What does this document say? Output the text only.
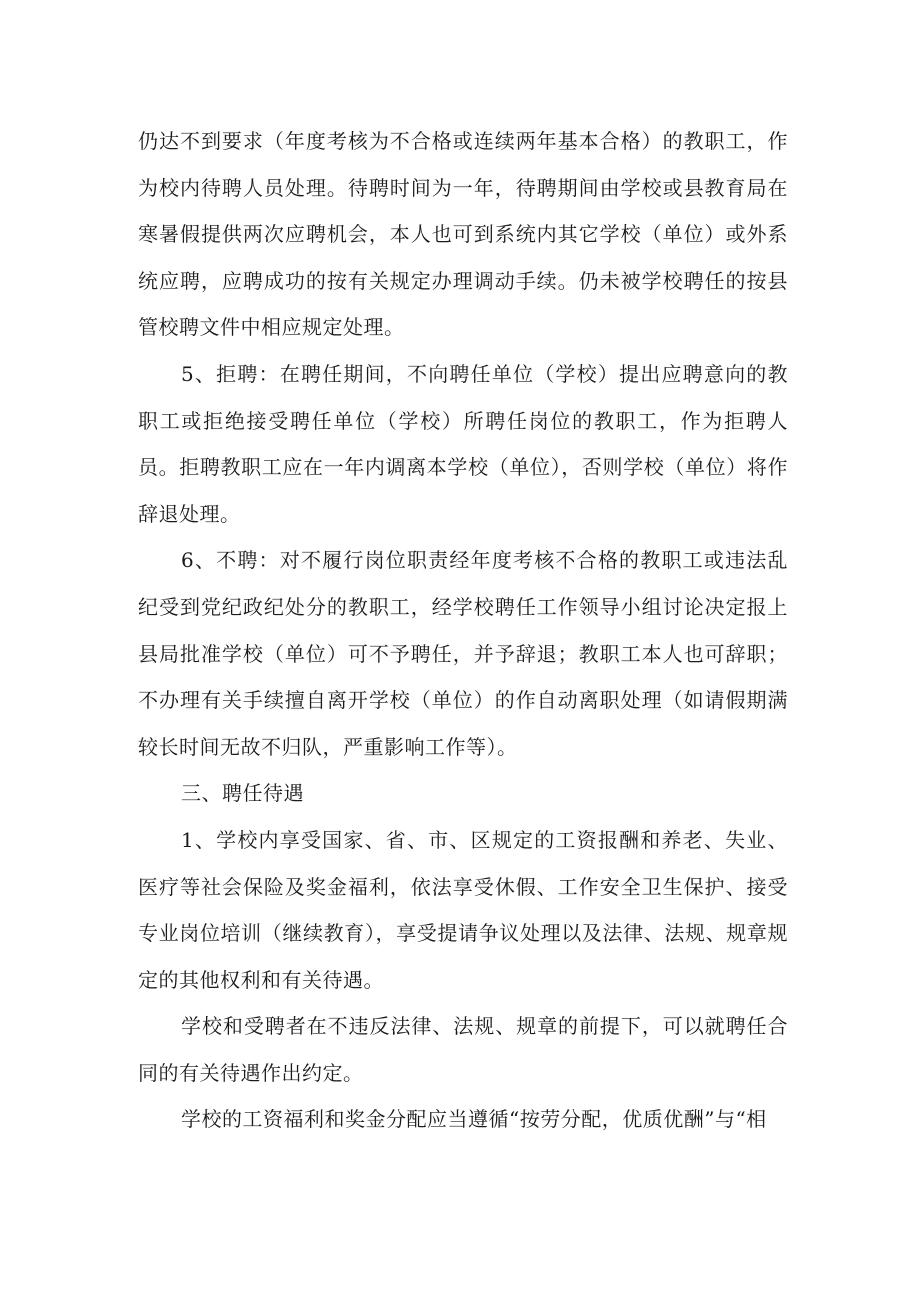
仍达不到要求（年度考核为不合格或连续两年基本合格）的教职工，作为校内待聘人员处理。待聘时间为一年，待聘期间由学校或县教育局在寒暑假提供两次应聘机会，本人也可到系统内其它学校（单位）或外系统应聘，应聘成功的按有关规定办理调动手续。仍未被学校聘任的按县管校聘文件中相应规定处理。

5、拒聘：在聘任期间，不向聘任单位（学校）提出应聘意向的教职工或拒绝接受聘任单位（学校）所聘任岗位的教职工，作为拒聘人员。拒聘教职工应在一年内调离本学校（单位），否则学校（单位）将作辞退处理。

6、不聘：对不履行岗位职责经年度考核不合格的教职工或违法乱纪受到党纪政纪处分的教职工，经学校聘任工作领导小组讨论决定报上县局批准学校（单位）可不予聘任，并予辞退；教职工本人也可辞职；不办理有关手续擅自离开学校（单位）的作自动离职处理（如请假期满较长时间无故不归队，严重影响工作等）。

三、聘任待遇

1、学校内享受国家、省、市、区规定的工资报酬和养老、失业、医疗等社会保险及奖金福利，依法享受休假、工作安全卫生保护、接受专业岗位培训（继续教育），享受提请争议处理以及法律、法规、规章规定的其他权利和有关待遇。

学校和受聘者在不违反法律、法规、规章的前提下，可以就聘任合同的有关待遇作出约定。

学校的工资福利和奖金分配应当遵循“按劳分配，优质优酬”与“相
